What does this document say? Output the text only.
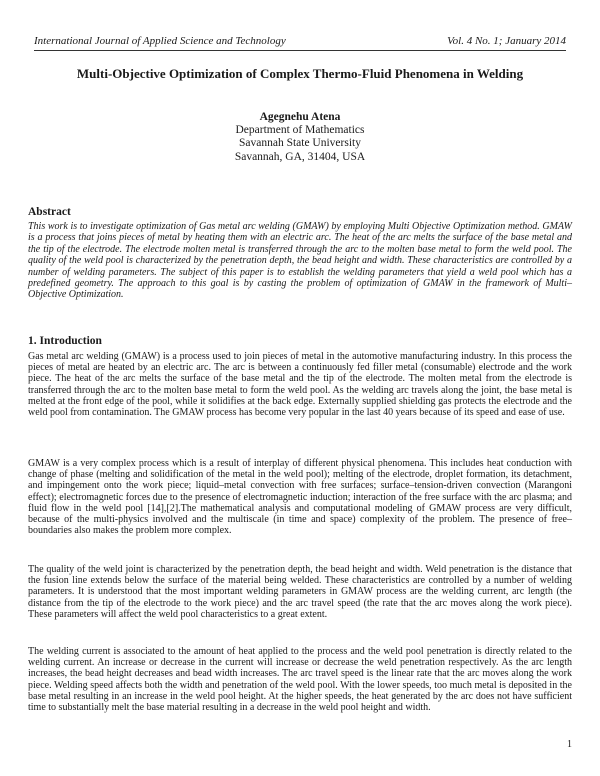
International Journal of Applied Science and Technology	Vol. 4 No. 1; January 2014
Multi-Objective Optimization of Complex Thermo-Fluid Phenomena in Welding
Agegnehu Atena
Department of Mathematics
Savannah State University
Savannah, GA, 31404, USA
Abstract
This work is to investigate optimization of Gas metal arc welding (GMAW) by employing Multi Objective Optimization method. GMAW is a process that joins pieces of metal by heating them with an electric arc. The heat of the arc melts the surface of the base metal and the tip of the electrode. The electrode molten metal is transferred through the arc to the molten base metal to form the weld pool. The quality of the weld pool is characterized by the penetration depth, the bead height and width. These characteristics are controlled by a number of welding parameters. The subject of this paper is to establish the welding parameters that yield a weld pool which has a predefined geometry. The approach to this goal is by casting the problem of optimization of GMAW in the framework of Multi–Objective Optimization.
1. Introduction
Gas metal arc welding (GMAW) is a process used to join pieces of metal in the automotive manufacturing industry. In this process the pieces of metal are heated by an electric arc. The arc is between a continuously fed filler metal (consumable) electrode and the work piece. The heat of the arc melts the surface of the base metal and the tip of the electrode. The molten metal from the electrode is transferred through the arc to the molten base metal to form the weld pool. As the welding arc travels along the joint, the base metal is melted at the front edge of the pool, while it solidifies at the back edge. Externally supplied shielding gas protects the electrode and the weld pool from contamination. The GMAW process has become very popular in the last 40 years because of its speed and ease of use.
GMAW is a very complex process which is a result of interplay of different physical phenomena. This includes heat conduction with change of phase (melting and solidification of the metal in the weld pool); melting of the electrode, droplet formation, its detachment, and impingement onto the work piece; liquid–metal convection with free surfaces; surface–tension-driven convection (Marangoni effect); electromagnetic forces due to the presence of electromagnetic induction; interaction of the free surface with the arc plasma; and fluid flow in the weld pool [14],[2].The mathematical analysis and computational modeling of GMAW process are very difficult, because of the multi-physics involved and the multiscale (in time and space) complexity of the problem. The presence of free–boundaries also makes the problem more complex.
The quality of the weld joint is characterized by the penetration depth, the bead height and width. Weld penetration is the distance that the fusion line extends below the surface of the material being welded. These characteristics are controlled by a number of welding parameters. It is understood that the most important welding parameters in GMAW process are the welding current, arc length (the distance from the tip of the electrode to the work piece) and the arc travel speed (the rate that the arc moves along the work piece). These parameters will affect the weld pool characteristics to a great extent.
The welding current is associated to the amount of heat applied to the process and the weld pool penetration is directly related to the welding current. An increase or decrease in the current will increase or decrease the weld penetration respectively. As the arc length increases, the bead height decreases and bead width increases. The arc travel speed is the linear rate that the arc moves along the work piece. Welding speed affects both the width and penetration of the weld pool. With the lower speeds, too much metal is deposited in the base metal resulting in an increase in the weld pool height. At the higher speeds, the heat generated by the arc does not have sufficient time to substantially melt the base material resulting in a decrease in the weld pool height and width.
1
